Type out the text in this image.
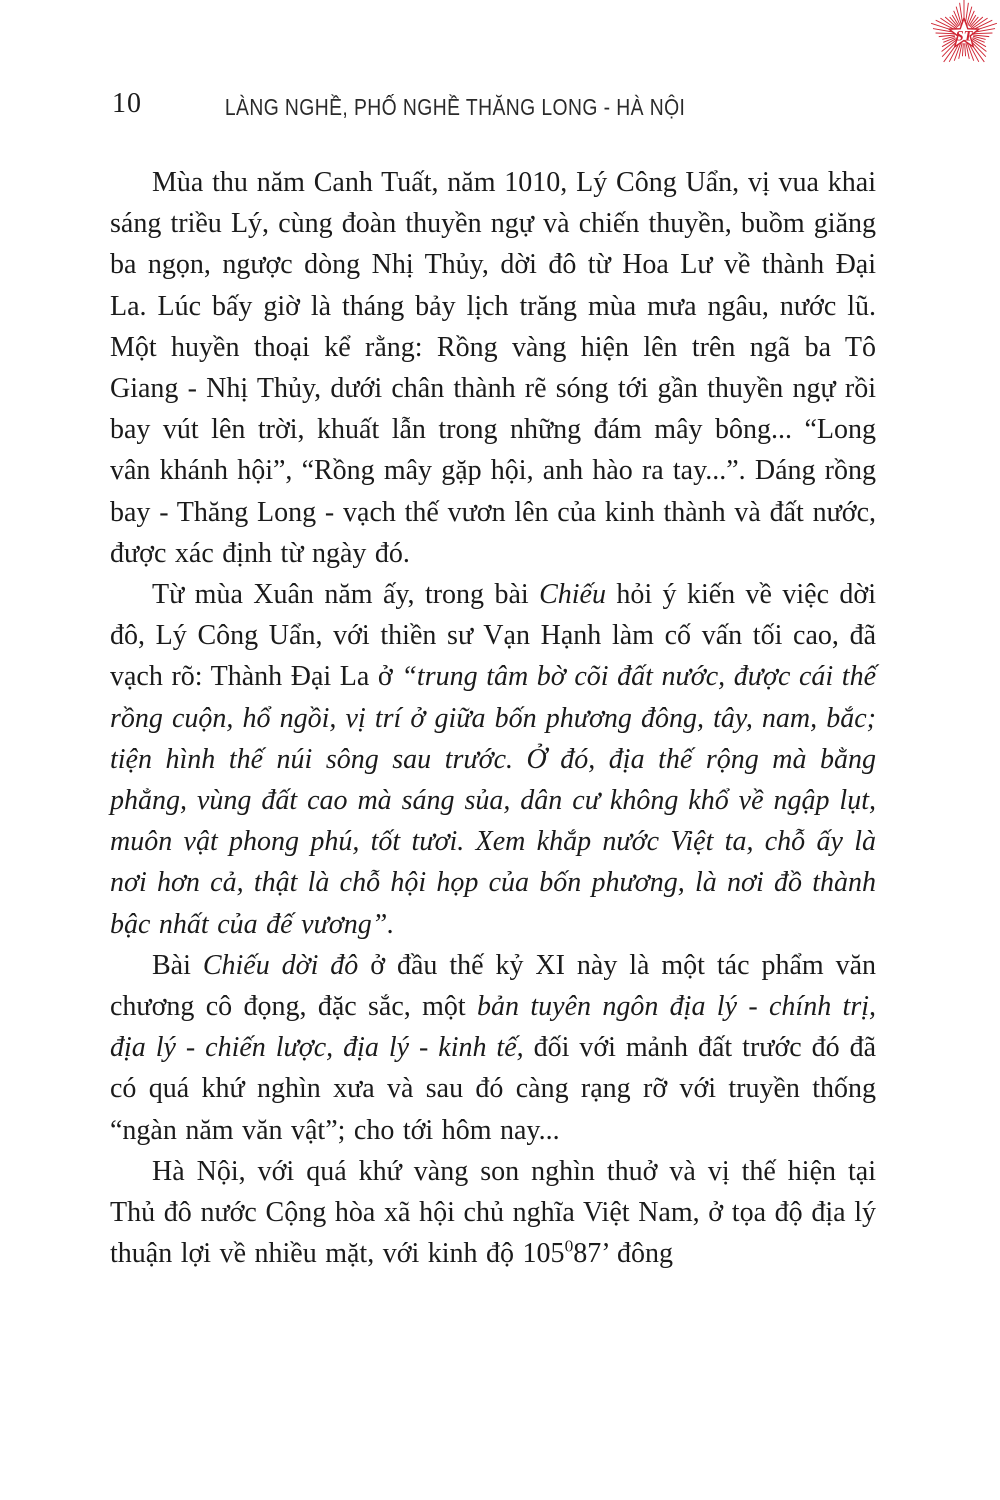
10	LÀNG NGHỀ, PHỐ NGHỀ THĂNG LONG - HÀ NỘI
ST

Mùa thu năm Canh Tuất, năm 1010, Lý Công Uẩn, vị vua khai sáng triều Lý, cùng đoàn thuyền ngự và chiến thuyền, buồm giăng ba ngọn, ngược dòng Nhị Thủy, dời đô từ Hoa Lư về thành Đại La. Lúc bấy giờ là tháng bảy lịch trăng mùa mưa ngâu, nước lũ. Một huyền thoại kể rằng: Rồng vàng hiện lên trên ngã ba Tô Giang - Nhị Thủy, dưới chân thành rẽ sóng tới gần thuyền ngự rồi bay vút lên trời, khuất lẫn trong những đám mây bông... “Long vân khánh hội”, “Rồng mây gặp hội, anh hào ra tay...”. Dáng rồng bay - Thăng Long - vạch thế vươn lên của kinh thành và đất nước, được xác định từ ngày đó.

Từ mùa Xuân năm ấy, trong bài Chiếu hỏi ý kiến về việc dời đô, Lý Công Uẩn, với thiền sư Vạn Hạnh làm cố vấn tối cao, đã vạch rõ: Thành Đại La ở “trung tâm bờ cõi đất nước, được cái thế rồng cuộn, hổ ngồi, vị trí ở giữa bốn phương đông, tây, nam, bắc; tiện hình thế núi sông sau trước. Ở đó, địa thế rộng mà bằng phẳng, vùng đất cao mà sáng sủa, dân cư không khổ về ngập lụt, muôn vật phong phú, tốt tươi. Xem khắp nước Việt ta, chỗ ấy là nơi hơn cả, thật là chỗ hội họp của bốn phương, là nơi đồ thành bậc nhất của đế vương”.

Bài Chiếu dời đô ở đầu thế kỷ XI này là một tác phẩm văn chương cô đọng, đặc sắc, một bản tuyên ngôn địa lý - chính trị, địa lý - chiến lược, địa lý - kinh tế, đối với mảnh đất trước đó đã có quá khứ nghìn xưa và sau đó càng rạng rỡ với truyền thống “ngàn năm văn vật”; cho tới hôm nay...

Hà Nội, với quá khứ vàng son nghìn thuở và vị thế hiện tại Thủ đô nước Cộng hòa xã hội chủ nghĩa Việt Nam, ở tọa độ địa lý thuận lợi về nhiều mặt, với kinh độ $105^087$’ đông
